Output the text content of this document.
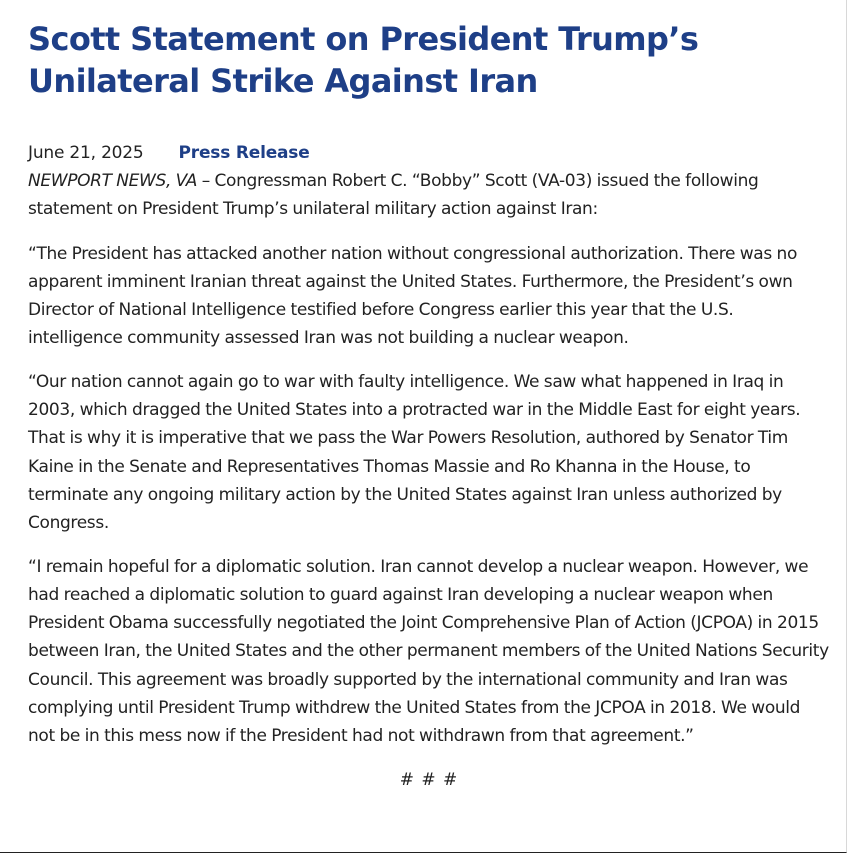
Scott Statement on President Trump’s Unilateral Strike Against Iran
June 21, 2025 Press Release

NEWPORT NEWS, VA – Congressman Robert C. “Bobby” Scott (VA-03) issued the following statement on President Trump’s unilateral military action against Iran:

“The President has attacked another nation without congressional authorization. There was no apparent imminent Iranian threat against the United States. Furthermore, the President’s own Director of National Intelligence testified before Congress earlier this year that the U.S. intelligence community assessed Iran was not building a nuclear weapon.

“Our nation cannot again go to war with faulty intelligence. We saw what happened in Iraq in 2003, which dragged the United States into a protracted war in the Middle East for eight years. That is why it is imperative that we pass the War Powers Resolution, authored by Senator Tim Kaine in the Senate and Representatives Thomas Massie and Ro Khanna in the House, to terminate any ongoing military action by the United States against Iran unless authorized by Congress.

“I remain hopeful for a diplomatic solution. Iran cannot develop a nuclear weapon. However, we had reached a diplomatic solution to guard against Iran developing a nuclear weapon when President Obama successfully negotiated the Joint Comprehensive Plan of Action (JCPOA) in 2015 between Iran, the United States and the other permanent members of the United Nations Security Council. This agreement was broadly supported by the international community and Iran was complying until President Trump withdrew the United States from the JCPOA in 2018. We would not be in this mess now if the President had not withdrawn from that agreement.”

# # #
